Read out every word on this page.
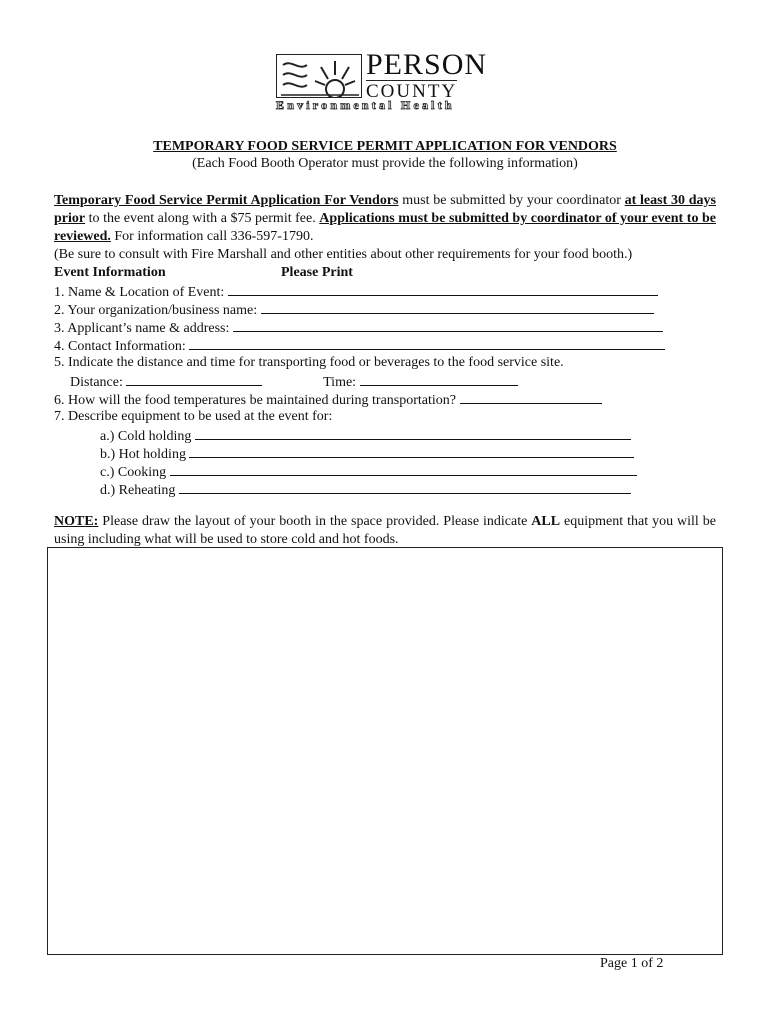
PERSON
COUNTY
Environmental Health
TEMPORARY FOOD SERVICE PERMIT APPLICATION FOR VENDORS
(Each Food Booth Operator must provide the following information)
Temporary Food Service Permit Application For Vendors must be submitted by your coordinator at least 30 days prior to the event along with a $75 permit fee. Applications must be submitted by coordinator of your event to be reviewed. For information call 336-597-1790.
(Be sure to consult with Fire Marshall and other entities about other requirements for your food booth.)
Event Information	Please Print
1. Name & Location of Event:
2. Your organization/business name:
3. Applicant’s name & address:
4. Contact Information:
5. Indicate the distance and time for transporting food or beverages to the food service site.
Distance:	Time:
6. How will the food temperatures be maintained during transportation?
7. Describe equipment to be used at the event for:
a.) Cold holding
b.) Hot holding
c.) Cooking
d.) Reheating
NOTE: Please draw the layout of your booth in the space provided. Please indicate ALL equipment that you will be using including what will be used to store cold and hot foods.
Page 1 of 2
